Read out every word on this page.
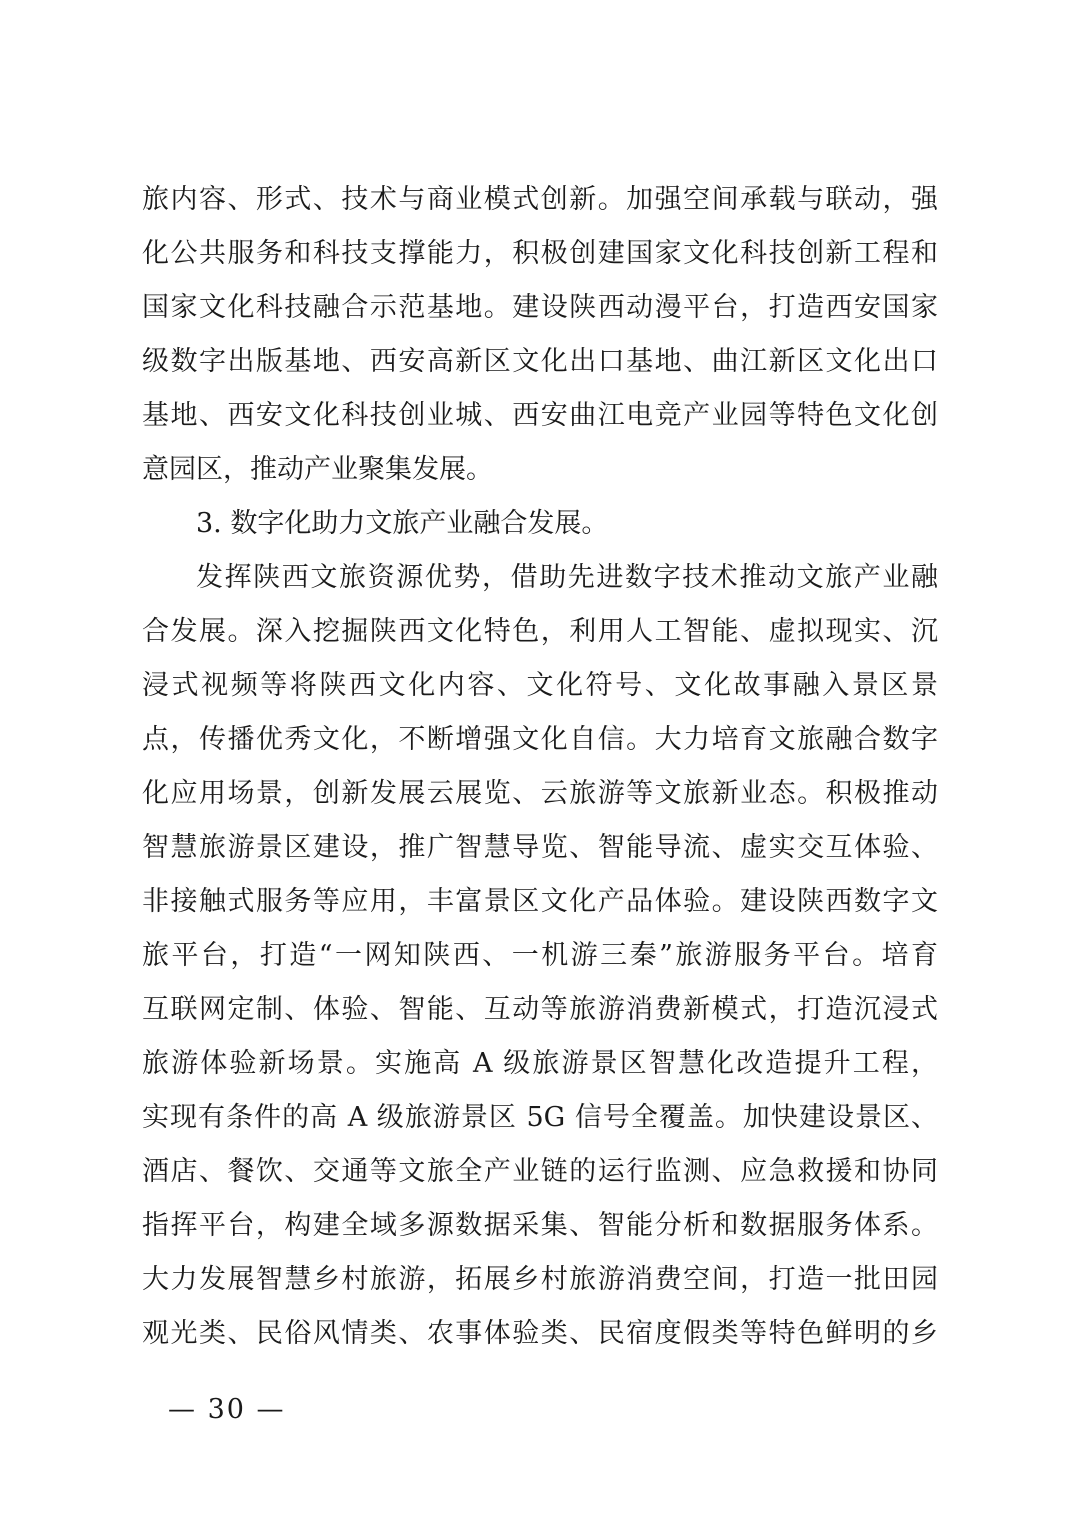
旅内容、形式、技术与商业模式创新。加强空间承载与联动，强
化公共服务和科技支撑能力，积极创建国家文化科技创新工程和
国家文化科技融合示范基地。建设陕西动漫平台，打造西安国家
级数字出版基地、西安高新区文化出口基地、曲江新区文化出口
基地、西安文化科技创业城、西安曲江电竞产业园等特色文化创
意园区，推动产业聚集发展。
3. 数字化助力文旅产业融合发展。
发挥陕西文旅资源优势，借助先进数字技术推动文旅产业融
合发展。深入挖掘陕西文化特色，利用人工智能、虚拟现实、沉
浸式视频等将陕西文化内容、文化符号、文化故事融入景区景
点，传播优秀文化，不断增强文化自信。大力培育文旅融合数字
化应用场景，创新发展云展览、云旅游等文旅新业态。积极推动
智慧旅游景区建设，推广智慧导览、智能导流、虚实交互体验、
非接触式服务等应用，丰富景区文化产品体验。建设陕西数字文
旅平台，打造“一网知陕西、一机游三秦”旅游服务平台。培育
互联网定制、体验、智能、互动等旅游消费新模式，打造沉浸式
旅游体验新场景。实施高 A 级旅游景区智慧化改造提升工程，
实现有条件的高 A 级旅游景区 5G 信号全覆盖。加快建设景区、
酒店、餐饮、交通等文旅全产业链的运行监测、应急救援和协同
指挥平台，构建全域多源数据采集、智能分析和数据服务体系。
大力发展智慧乡村旅游，拓展乡村旅游消费空间，打造一批田园
观光类、民俗风情类、农事体验类、民宿度假类等特色鲜明的乡
— 30 —
